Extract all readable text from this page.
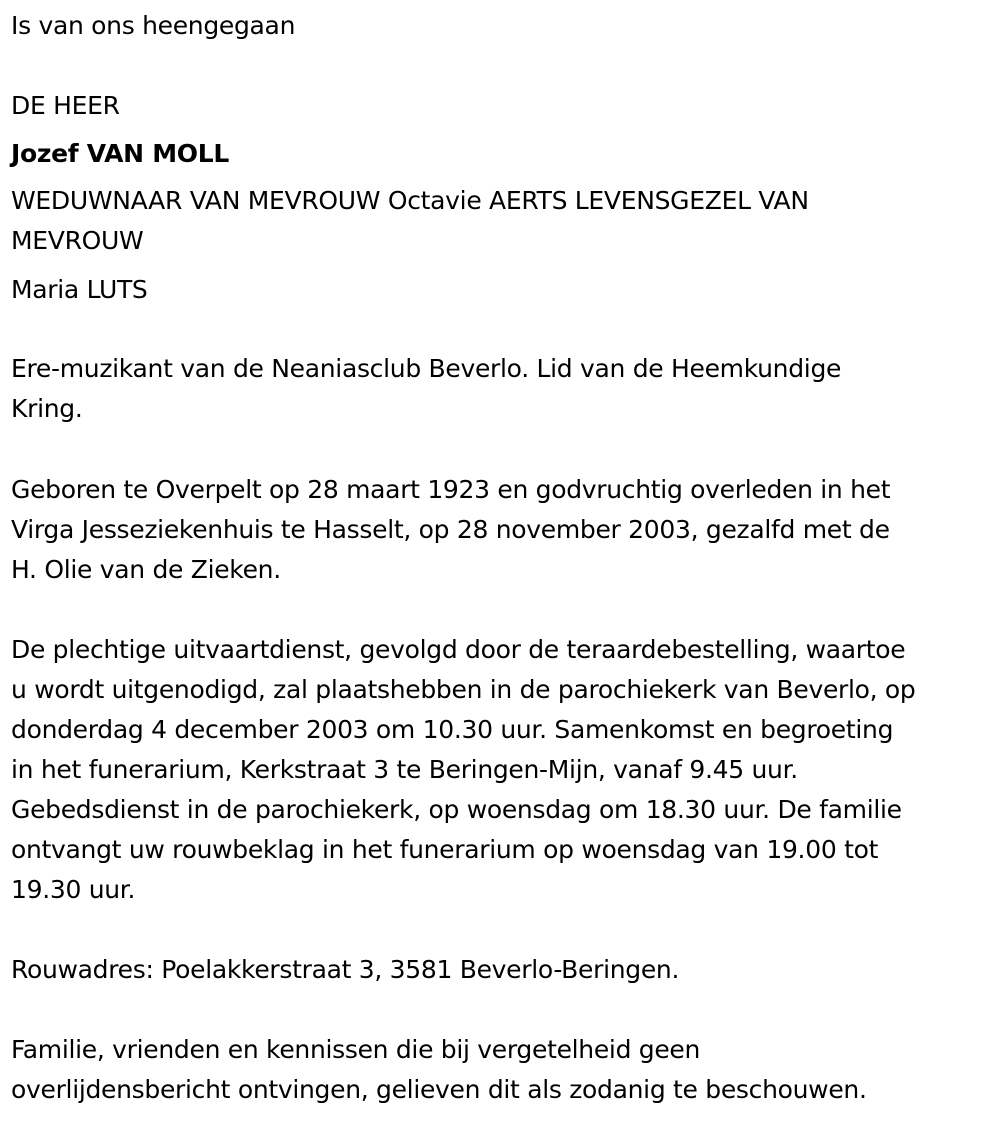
Is van ons heengegaan
DE HEER
Jozef VAN MOLL
WEDUWNAAR VAN MEVROUW Octavie AERTS LEVENSGEZEL VAN
MEVROUW
Maria LUTS
Ere-muzikant van de Neaniasclub Beverlo. Lid van de Heemkundige
Kring.
Geboren te Overpelt op 28 maart 1923 en godvruchtig overleden in het
Virga Jesseziekenhuis te Hasselt, op 28 november 2003, gezalfd met de
H. Olie van de Zieken.
De plechtige uitvaartdienst, gevolgd door de teraardebestelling, waartoe
u wordt uitgenodigd, zal plaatshebben in de parochiekerk van Beverlo, op
donderdag 4 december 2003 om 10.30 uur. Samenkomst en begroeting
in het funerarium, Kerkstraat 3 te Beringen-Mijn, vanaf 9.45 uur.
Gebedsdienst in de parochiekerk, op woensdag om 18.30 uur. De familie
ontvangt uw rouwbeklag in het funerarium op woensdag van 19.00 tot
19.30 uur.
Rouwadres: Poelakkerstraat 3, 3581 Beverlo-Beringen.
Familie, vrienden en kennissen die bij vergetelheid geen
overlijdensbericht ontvingen, gelieven dit als zodanig te beschouwen.
